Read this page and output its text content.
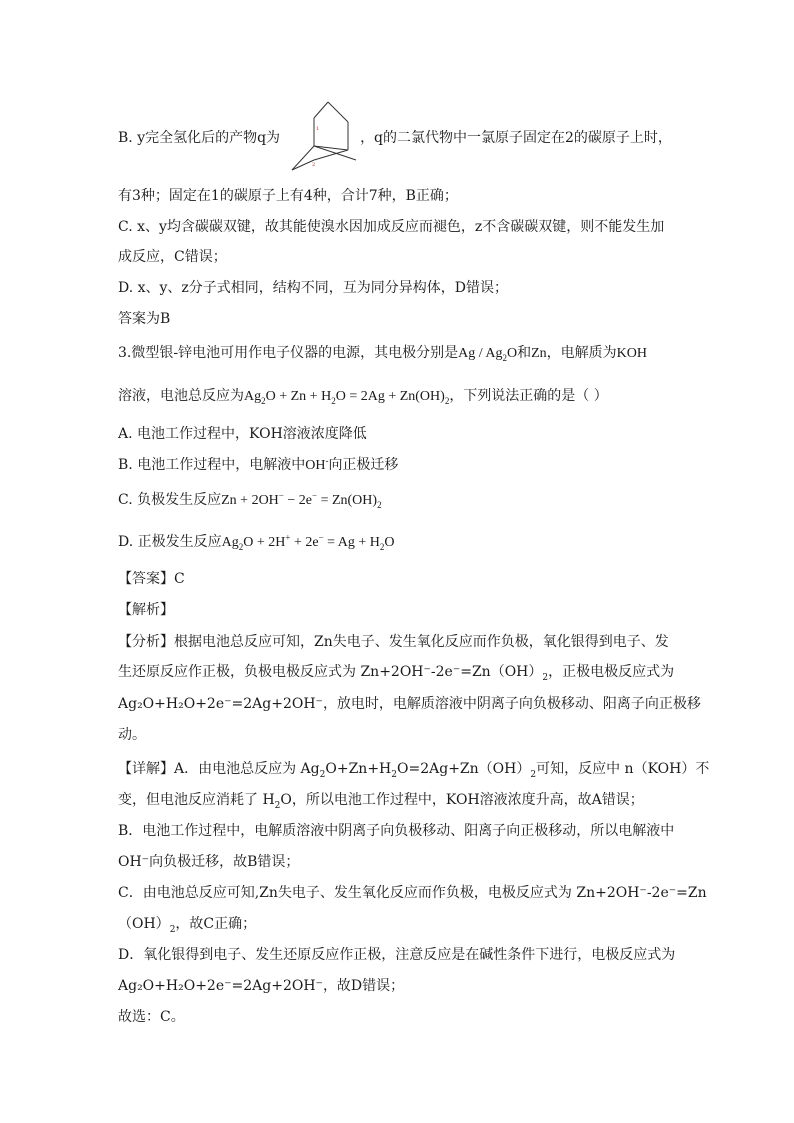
B. y完全氢化后的产物q为	，q的二氯代物中一氯原子固定在2的碳原子上时，
1
2
有3种；固定在1的碳原子上有4种，合计7种，B正确；
C. x、y均含碳碳双键，故其能使溴水因加成反应而褪色，z不含碳碳双键，则不能发生加
成反应，C错误；
D. x、y、z分子式相同，结构不同，互为同分异构体，D错误；
答案为B
3.微型银-锌电池可用作电子仪器的电源，其电极分别是Ag / $Ag_2O$和Zn，电解质为KOH
溶液，电池总反应为$Ag_2O + Zn + H_2O = 2Ag + Zn(OH)_2$，下列说法正确的是（ ）
A. 电池工作过程中，KOH溶液浓度降低
B. 电池工作过程中，电解液中OH-向正极迁移
C. 负极发生反应$Zn + 2OH^- - 2e^- = Zn(OH)_2$
D. 正极发生反应$Ag_2O + 2H^+ + 2e^- = Ag + H_2O$
【答案】C
【解析】
【分析】根据电池总反应可知，Zn失电子、发生氧化反应而作负极，氧化银得到电子、发
生还原反应作正极，负极电极反应式为 $Zn+2OH^--2e^-=Zn(OH)_2$，正极电极反应式为
Ag₂O+H₂O+2e⁻=2Ag+2OH⁻，放电时，电解质溶液中阴离子向负极移动、阳离子向正极移
动。
【详解】A．由电池总反应为 $Ag_2O+Zn+H_2O=2Ag+Zn(OH)_2$可知，反应中 n（KOH）不
变，但电池反应消耗了 $H_2O$，所以电池工作过程中，KOH溶液浓度升高，故A错误；
B．电池工作过程中，电解质溶液中阴离子向负极移动、阳离子向正极移动，所以电解液中
OH⁻向负极迁移，故B错误；
C．由电池总反应可知,Zn失电子、发生氧化反应而作负极，电极反应式为 Zn+2OH⁻-2e⁻=Zn
$(OH)_2$，故C正确；
D．氧化银得到电子、发生还原反应作正极，注意反应是在碱性条件下进行，电极反应式为
Ag₂O+H₂O+2e⁻=2Ag+2OH⁻，故D错误；
故选：C。
